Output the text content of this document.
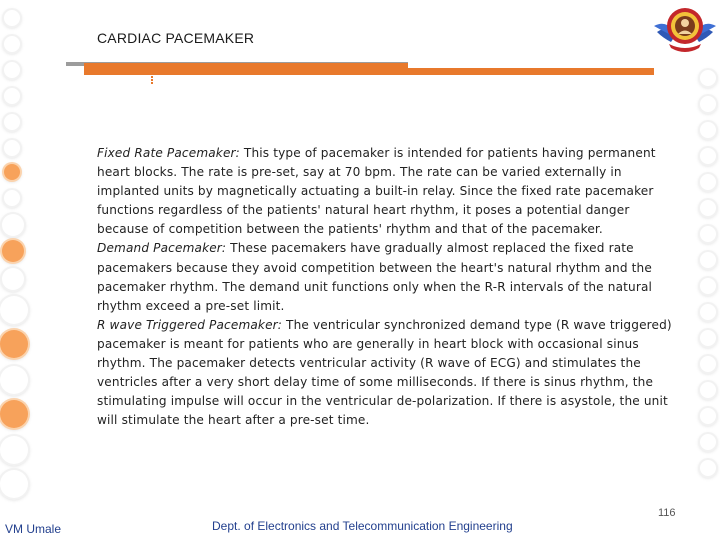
CARDIAC PACEMAKER

Fixed Rate Pacemaker: This type of pacemaker is intended for patients having permanent heart blocks. The rate is pre-set, say at 70 bpm. The rate can be varied externally in implanted units by magnetically actuating a built-in relay. Since the fixed rate pacemaker functions regardless of the patients' natural heart rhythm, it poses a potential danger because of competition between the patients' rhythm and that of the pacemaker.

Demand Pacemaker: These pacemakers have gradually almost replaced the fixed rate pacemakers because they avoid competition between the heart's natural rhythm and the pacemaker rhythm. The demand unit functions only when the R-R intervals of the natural rhythm exceed a pre-set limit.

R wave Triggered Pacemaker: The ventricular synchronized demand type (R wave triggered) pacemaker is meant for patients who are generally in heart block with occasional sinus rhythm. The pacemaker detects ventricular activity (R wave of ECG) and stimulates the ventricles after a very short delay time of some milliseconds. If there is sinus rhythm, the stimulating impulse will occur in the ventricular de-polarization. If there is asystole, the unit will stimulate the heart after a pre-set time.

VM Umale	Dept. of Electronics and Telecommunication Engineering
116
